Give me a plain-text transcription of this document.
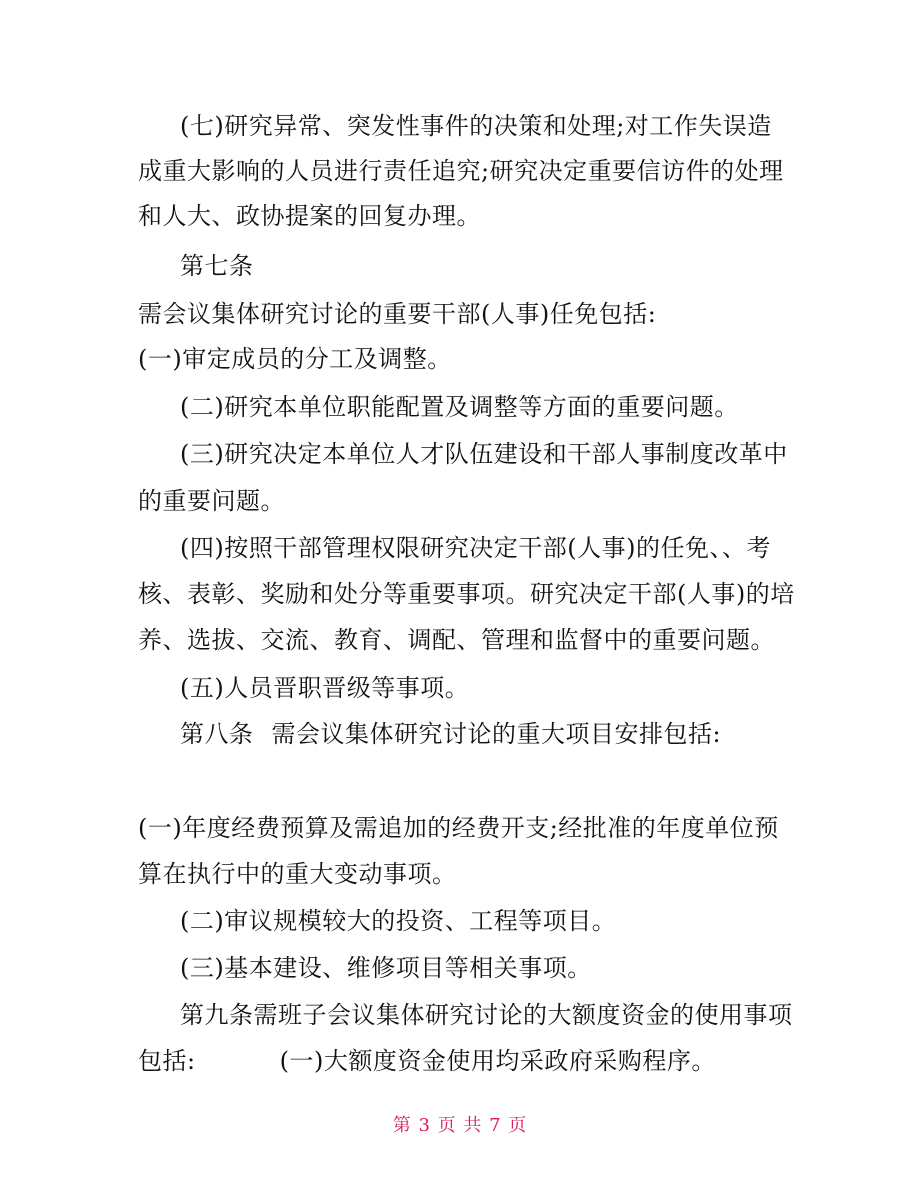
(七)研究异常、突发性事件的决策和处理;对工作失误造
成重大影响的人员进行责任追究;研究决定重要信访件的处理
和人大、政协提案的回复办理。
第七条
需会议集体研究讨论的重要干部(人事)任免包括:
(一)审定成员的分工及调整。
(二)研究本单位职能配置及调整等方面的重要问题。
(三)研究决定本单位人才队伍建设和干部人事制度改革中
的重要问题。
(四)按照干部管理权限研究决定干部(人事)的任免、、考
核、表彰、奖励和处分等重要事项。研究决定干部(人事)的培
养、选拔、交流、教育、调配、管理和监督中的重要问题。
(五)人员晋职晋级等事项。
第八条 需会议集体研究讨论的重大项目安排包括:
(一)年度经费预算及需追加的经费开支;经批准的年度单位预
算在执行中的重大变动事项。
(二)审议规模较大的投资、工程等项目。
(三)基本建设、维修项目等相关事项。
第九条需班子会议集体研究讨论的大额度资金的使用事项
包括:	(一)大额度资金使用均采政府采购程序。
第 3 页 共 7 页
